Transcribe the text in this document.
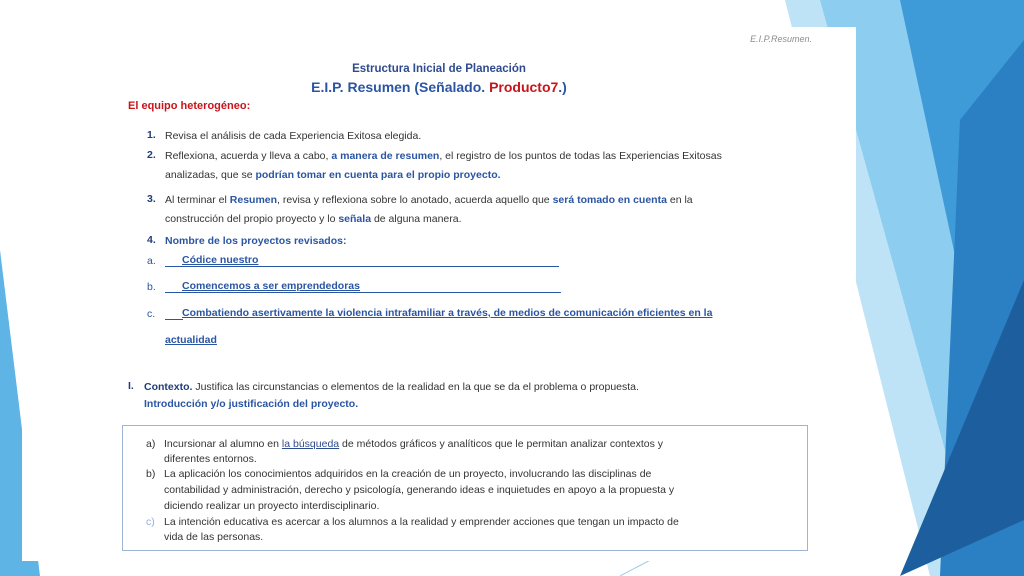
E.I.P.Resumen.
Estructura Inicial de Planeación
E.I.P. Resumen (Señalado. Producto7.)
El equipo heterogéneo:
1. Revisa el análisis de cada Experiencia Exitosa elegida.
2. Reflexiona, acuerda y lleva a cabo, a manera de resumen, el registro de los puntos de todas las Experiencias Exitosas
analizadas, que se podrían tomar en cuenta para el propio proyecto.
3. Al terminar el Resumen, revisa y reflexiona sobre lo anotado, acuerda aquello que será tomado en cuenta en la
construcción del propio proyecto y lo señala de alguna manera.
4. Nombre de los proyectos revisados:
a. Códice nuestro
b. Comencemos a ser emprendedoras
c.	Combatiendo asertivamente la violencia intrafamiliar a través, de medios de comunicación eficientes en la
actualidad
I. Contexto. Justifica las circunstancias o elementos de la realidad en la que se da el problema o propuesta.
Introducción y/o justificación del proyecto.
a) Incursionar al alumno en la búsqueda de métodos gráficos y analíticos que le permitan analizar contextos y
diferentes entornos.
b) La aplicación los conocimientos adquiridos en la creación de un proyecto, involucrando las disciplinas de
contabilidad y administración, derecho y psicología, generando ideas e inquietudes en apoyo a la propuesta y
diciendo realizar un proyecto interdisciplinario.
c) La intención educativa es acercar a los alumnos a la realidad y emprender acciones que tengan un impacto de
vida de las personas.
